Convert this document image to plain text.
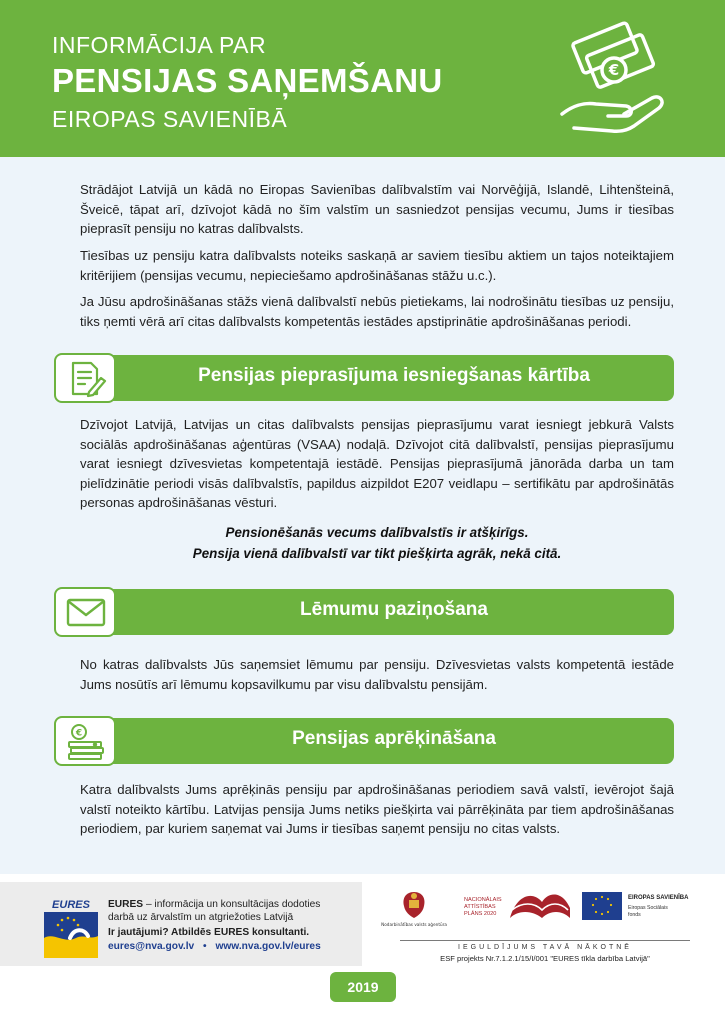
INFORMĀCIJA PAR
PENSIJAS SAŅEMŠANU
EIROPAS SAVIENĪBĀ
€

Strādājot Latvijā un kādā no Eiropas Savienības dalībvalstīm vai Norvēģijā, Islandē, Lihtenšteinā, Šveicē, tāpat arī, dzīvojot kādā no šīm valstīm un sasniedzot pensijas vecumu, Jums ir tiesības pieprasīt pensiju no katras dalībvalsts.

Tiesības uz pensiju katra dalībvalsts noteiks saskaņā ar saviem tiesību aktiem un tajos noteiktajiem kritērijiem (pensijas vecumu, nepieciešamo apdrošināšanas stāžu u.c.).

Ja Jūsu apdrošināšanas stāžs vienā dalībvalstī nebūs pietiekams, lai nodrošinātu tiesības uz pensiju, tiks ņemti vērā arī citas dalībvalsts kompetentās iestādes apstiprinātie apdrošināšanas periodi.

Pensijas pieprasījuma iesniegšanas kārtība

Dzīvojot Latvijā, Latvijas un citas dalībvalsts pensijas pieprasījumu varat iesniegt jebkurā Valsts sociālās apdrošināšanas aģentūras (VSAA) nodaļā. Dzīvojot citā dalībvalstī, pensijas pieprasījumu varat iesniegt dzīvesvietas kompetentajā iestādē. Pensijas pieprasījumā jānorāda darba un tam pielīdzinātie periodi visās dalībvalstīs, papildus aizpildot E207 veidlapu – sertifikātu par apdrošinātās personas apdrošināšanas vēsturi.

Pensionēšanās vecums dalībvalstīs ir atšķirīgs.
Pensija vienā dalībvalstī var tikt piešķirta agrāk, nekā citā.
Lēmumu paziņošana

No katras dalībvalsts Jūs saņemsiet lēmumu par pensiju. Dzīvesvietas valsts kompetentā iestāde Jums nosūtīs arī lēmumu kopsavilkumu par visu dalībvalstu pensijām.

Pensijas aprēķināšana
€

Katra dalībvalsts Jums aprēķinās pensiju par apdrošināšanas periodiem savā valstī, ievērojot šajā valstī noteikto kārtību. Latvijas pensija Jums netiks piešķirta vai pārrēķināta par tiem apdrošināšanas periodiem, par kuriem saņemat vai Jums ir tiesības saņemt pensiju no citas valsts.

EURES EURES – informācija un konsultācijas dodoties
darbā uz ārvalstīm un atgriežoties Latvijā
Ir jautājumi? Atbildēs EURES konsultanti.
eures@nva.gov.lv • www.nva.gov.lv/eures
Nodarbinātības valsts aģentūra
NACIONĀLAIS
ATTĪSTĪBAS
PLĀNS 2020
EIROPAS SAVIENĪBA
Eiropas Sociālais
fonds
IEGULDĪJUMS TAVĀ NĀKOTNĒ
ESF projekts Nr.7.1.2.1/15/I/001 "EURES tīkla darbība Latvijā"
2019
